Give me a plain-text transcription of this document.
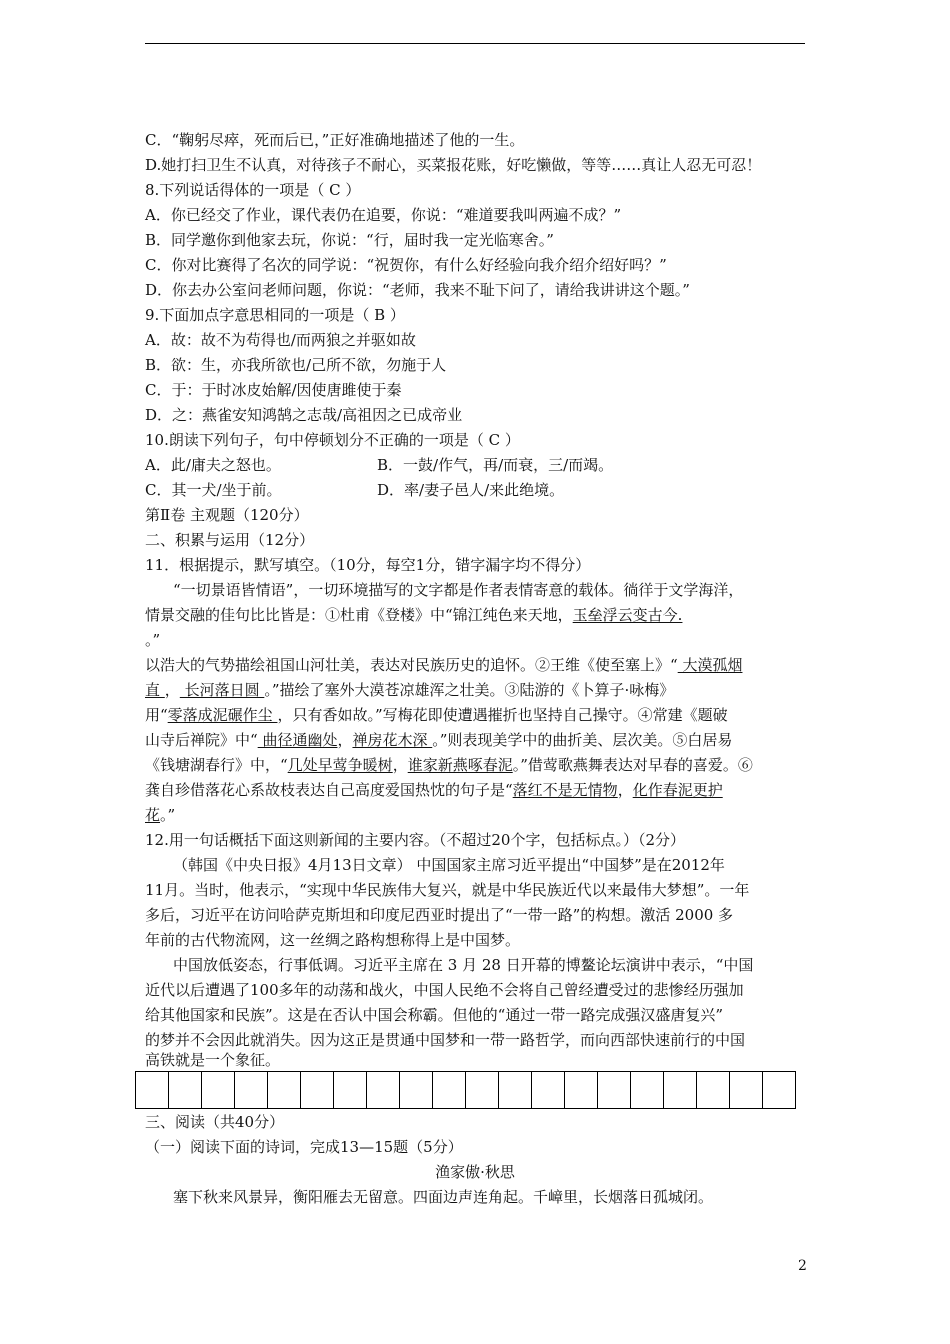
C．“鞠躬尽瘁，死而后已，”正好准确地描述了他的一生。
D.她打扫卫生不认真，对待孩子不耐心，买菜报花账，好吃懒做，等等……真让人忍无可忍！
8.下列说话得体的一项是（ C ）
A．你已经交了作业，课代表仍在追要，你说：“难道要我叫两遍不成？”
B．同学邀你到他家去玩，你说：“行，届时我一定光临寒舍。”
C．你对比赛得了名次的同学说：“祝贺你，有什么好经验向我介绍介绍好吗？”
D．你去办公室问老师问题，你说：“老师，我来不耻下问了，请给我讲讲这个题。”
9.下面加点字意思相同的一项是（ B ）
A．故：故不为苟得也/而两狼之并驱如故
B．欲：生，亦我所欲也/己所不欲，勿施于人
C．于：于时冰皮始解/因使唐雎使于秦
D．之：燕雀安知鸿鹄之志哉/高祖因之已成帝业
10.朗读下列句子，句中停顿划分不正确的一项是（ C ）
A．此/庸夫之怒也。	B．一鼓/作气，再/而衰，三/而竭。
C．其一犬/坐于前。	D．率/妻子邑人/来此绝境。
第Ⅱ卷 主观题（120分）
二、积累与运用（12分）
11．根据提示，默写填空。（10分，每空1分，错字漏字均不得分）
“一切景语皆情语”，一切环境描写的文字都是作者表情寄意的载体。徜徉于文学海洋，
情景交融的佳句比比皆是：①杜甫《登楼》中“锦江纯色来天地，玉垒浮云变古今.
。”
以浩大的气势描绘祖国山河壮美，表达对民族历史的追怀。②王维《使至塞上》“ 大漠孤烟
直 ， 长河落日圆 。”描绘了塞外大漠苍凉雄浑之壮美。③陆游的《卜算子·咏梅》
用“零落成泥碾作尘 ，只有香如故。”写梅花即使遭遇摧折也坚持自己操守。④常建《题破
山寺后禅院》中“ 曲径通幽处，禅房花木深 。”则表现美学中的曲折美、层次美。⑤白居易
《钱塘湖春行》中，“几处早莺争暖树，谁家新燕啄春泥。”借莺歌燕舞表达对早春的喜爱。⑥
龚自珍借落花心系故枝表达自己高度爱国热忱的句子是“落红不是无情物，化作春泥更护
花。”
12.用一句话概括下面这则新闻的主要内容。（不超过20个字，包括标点。）（2分）
（韩国《中央日报》4月13日文章） 中国国家主席习近平提出“中国梦”是在2012年
11月。当时，他表示，“实现中华民族伟大复兴，就是中华民族近代以来最伟大梦想”。一年
多后，习近平在访问哈萨克斯坦和印度尼西亚时提出了“一带一路”的构想。激活 2000 多
年前的古代物流网，这一丝绸之路构想称得上是中国梦。
中国放低姿态，行事低调。习近平主席在 3 月 28 日开幕的博鳌论坛演讲中表示，“中国
近代以后遭遇了100多年的动荡和战火，中国人民绝不会将自己曾经遭受过的悲惨经历强加
给其他国家和民族”。这是在否认中国会称霸。但他的“通过一带一路完成强汉盛唐复兴”
的梦并不会因此就消失。因为这正是贯通中国梦和一带一路哲学，而向西部快速前行的中国
高铁就是一个象征。
三、阅读（共40分）
（一）阅读下面的诗词，完成13—15题（5分）
渔家傲·秋思
塞下秋来风景异，衡阳雁去无留意。四面边声连角起。千嶂里，长烟落日孤城闭。
2
